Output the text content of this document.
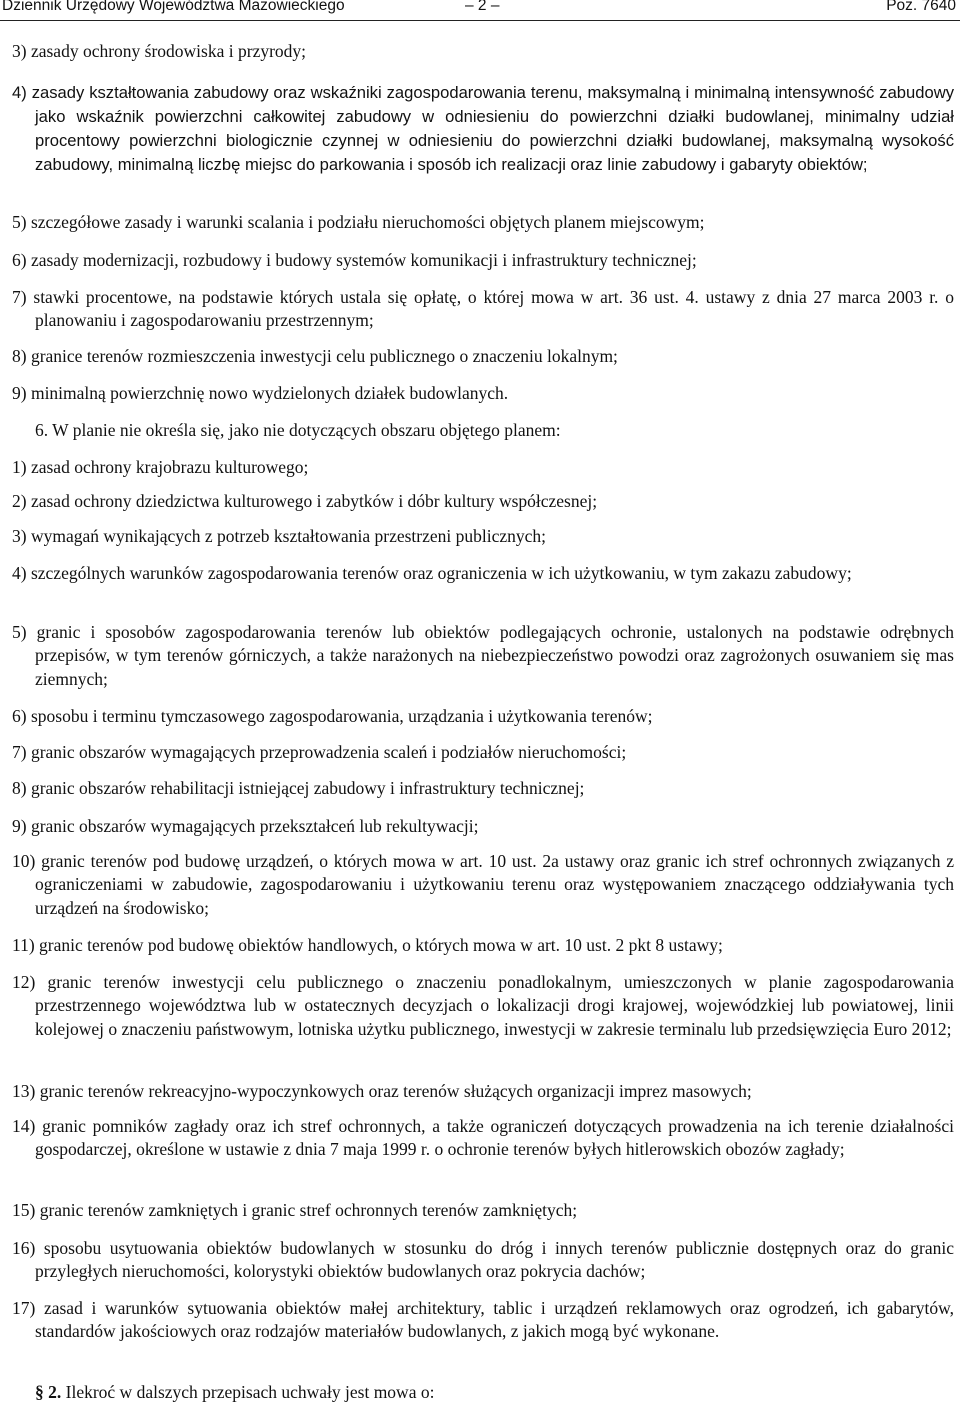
Dziennik Urzędowy Województwa Mazowieckiego	– 2 –	Poz. 7640
3) zasady ochrony środowiska i przyrody;
4) zasady kształtowania zabudowy oraz wskaźniki zagospodarowania terenu, maksymalną i minimalną intensywność zabudowy jako wskaźnik powierzchni całkowitej zabudowy w odniesieniu do powierzchni działki budowlanej, minimalny udział procentowy powierzchni biologicznie czynnej w odniesieniu do powierzchni działki budowlanej, maksymalną wysokość zabudowy, minimalną liczbę miejsc do parkowania i sposób ich realizacji oraz linie zabudowy i gabaryty obiektów;
5) szczegółowe zasady i warunki scalania i podziału nieruchomości objętych planem miejscowym;
6) zasady modernizacji, rozbudowy i budowy systemów komunikacji i infrastruktury technicznej;
7) stawki procentowe, na podstawie których ustala się opłatę, o której mowa w art. 36 ust. 4. ustawy z dnia 27 marca 2003 r. o planowaniu i zagospodarowaniu przestrzennym;
8) granice terenów rozmieszczenia inwestycji celu publicznego o znaczeniu lokalnym;
9) minimalną powierzchnię nowo wydzielonych działek budowlanych.
6. W planie nie określa się, jako nie dotyczących obszaru objętego planem:
1) zasad ochrony krajobrazu kulturowego;
2) zasad ochrony dziedzictwa kulturowego i zabytków i dóbr kultury współczesnej;
3) wymagań wynikających z potrzeb kształtowania przestrzeni publicznych;
4) szczególnych warunków zagospodarowania terenów oraz ograniczenia w ich użytkowaniu, w tym zakazu zabudowy;
5) granic i sposobów zagospodarowania terenów lub obiektów podlegających ochronie, ustalonych na podstawie odrębnych przepisów, w tym terenów górniczych, a także narażonych na niebezpieczeństwo powodzi oraz zagrożonych osuwaniem się mas ziemnych;
6) sposobu i terminu tymczasowego zagospodarowania, urządzania i użytkowania terenów;
7) granic obszarów wymagających przeprowadzenia scaleń i podziałów nieruchomości;
8) granic obszarów rehabilitacji istniejącej zabudowy i infrastruktury technicznej;
9) granic obszarów wymagających przekształceń lub rekultywacji;
10) granic terenów pod budowę urządzeń, o których mowa w art. 10 ust. 2a ustawy oraz granic ich stref ochronnych związanych z ograniczeniami w zabudowie, zagospodarowaniu i użytkowaniu terenu oraz występowaniem znaczącego oddziaływania tych urządzeń na środowisko;
11) granic terenów pod budowę obiektów handlowych, o których mowa w art. 10 ust. 2 pkt 8 ustawy;
12) granic terenów inwestycji celu publicznego o znaczeniu ponadlokalnym, umieszczonych w planie zagospodarowania przestrzennego województwa lub w ostatecznych decyzjach o lokalizacji drogi krajowej, wojewódzkiej lub powiatowej, linii kolejowej o znaczeniu państwowym, lotniska użytku publicznego, inwestycji w zakresie terminalu lub przedsięwzięcia Euro 2012;
13) granic terenów rekreacyjno-wypoczynkowych oraz terenów służących organizacji imprez masowych;
14) granic pomników zagłady oraz ich stref ochronnych, a także ograniczeń dotyczących prowadzenia na ich terenie działalności gospodarczej, określone w ustawie z dnia 7 maja 1999 r. o ochronie terenów byłych hitlerowskich obozów zagłady;
15) granic terenów zamkniętych i granic stref ochronnych terenów zamkniętych;
16) sposobu usytuowania obiektów budowlanych w stosunku do dróg i innych terenów publicznie dostępnych oraz do granic przyległych nieruchomości, kolorystyki obiektów budowlanych oraz pokrycia dachów;
17) zasad i warunków sytuowania obiektów małej architektury, tablic i urządzeń reklamowych oraz ogrodzeń, ich gabarytów, standardów jakościowych oraz rodzajów materiałów budowlanych, z jakich mogą być wykonane.
§ 2. Ilekroć w dalszych przepisach uchwały jest mowa o:
